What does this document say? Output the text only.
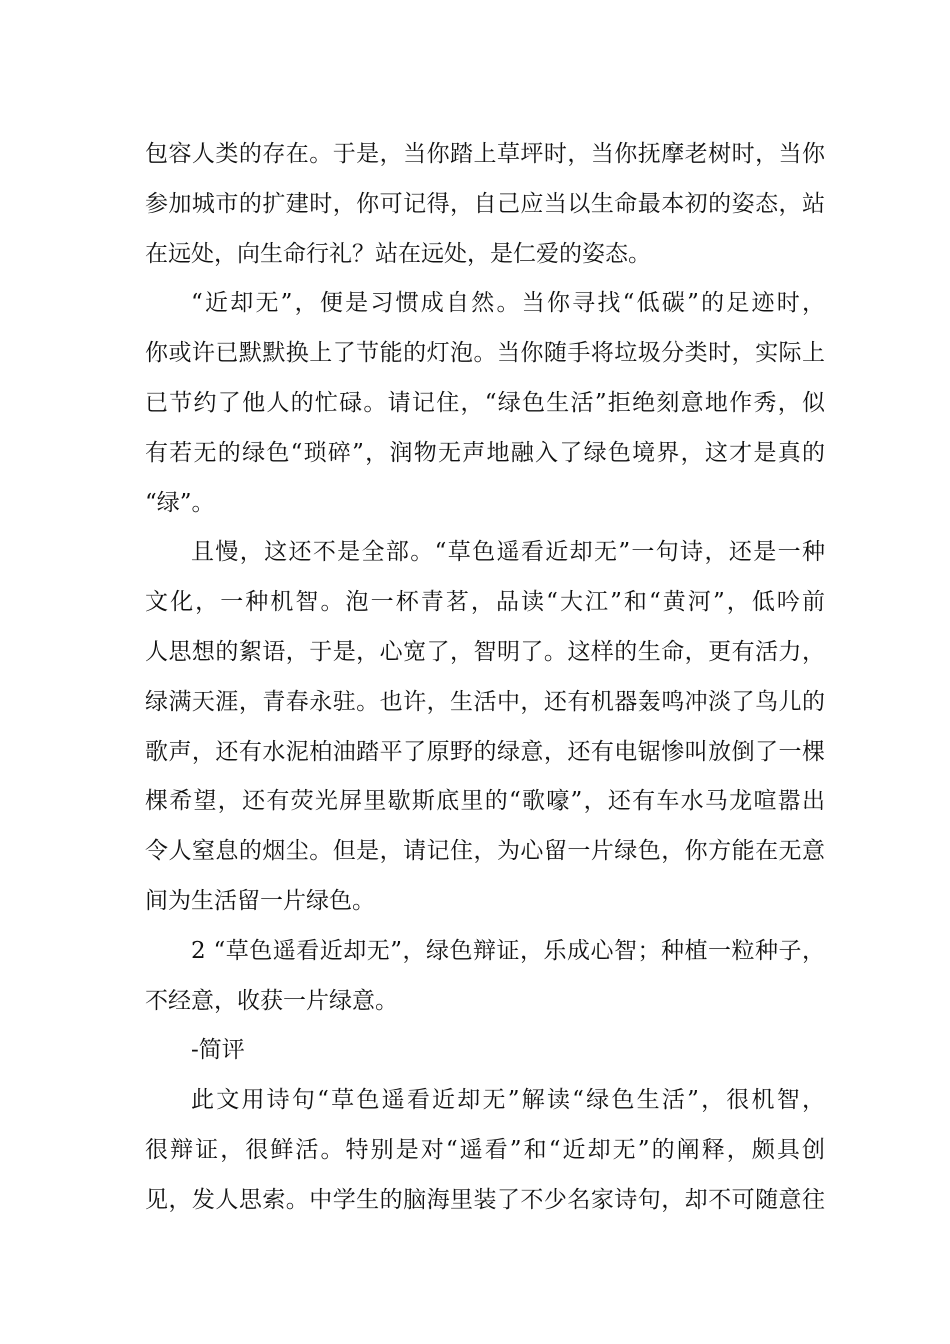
包容人类的存在。于是，当你踏上草坪时，当你抚摩老树时，当你
参加城市的扩建时，你可记得，自己应当以生命最本初的姿态，站
在远处，向生命行礼？站在远处，是仁爱的姿态。
“近却无”，便是习惯成自然。当你寻找“低碳”的足迹时，
你或许已默默换上了节能的灯泡。当你随手将垃圾分类时，实际上
已节约了他人的忙碌。请记住，“绿色生活”拒绝刻意地作秀，似
有若无的绿色“琐碎”，润物无声地融入了绿色境界，这才是真的
“绿”。
且慢，这还不是全部。“草色遥看近却无”一句诗，还是一种
文化，一种机智。泡一杯青茗，品读“大江”和“黄河”，低吟前
人思想的絮语，于是，心宽了，智明了。这样的生命，更有活力，
绿满天涯，青春永驻。也许，生活中，还有机器轰鸣冲淡了鸟儿的
歌声，还有水泥柏油踏平了原野的绿意，还有电锯惨叫放倒了一棵
棵希望，还有荧光屏里歇斯底里的“歌嚎”，还有车水马龙喧嚣出
令人窒息的烟尘。但是，请记住，为心留一片绿色，你方能在无意
间为生活留一片绿色。
2 “草色遥看近却无”，绿色辩证，乐成心智；种植一粒种子，
不经意，收获一片绿意。
-简评
此文用诗句“草色遥看近却无”解读“绿色生活”，很机智，
很辩证，很鲜活。特别是对“遥看”和“近却无”的阐释，颇具创
见，发人思索。中学生的脑海里装了不少名家诗句，却不可随意往
